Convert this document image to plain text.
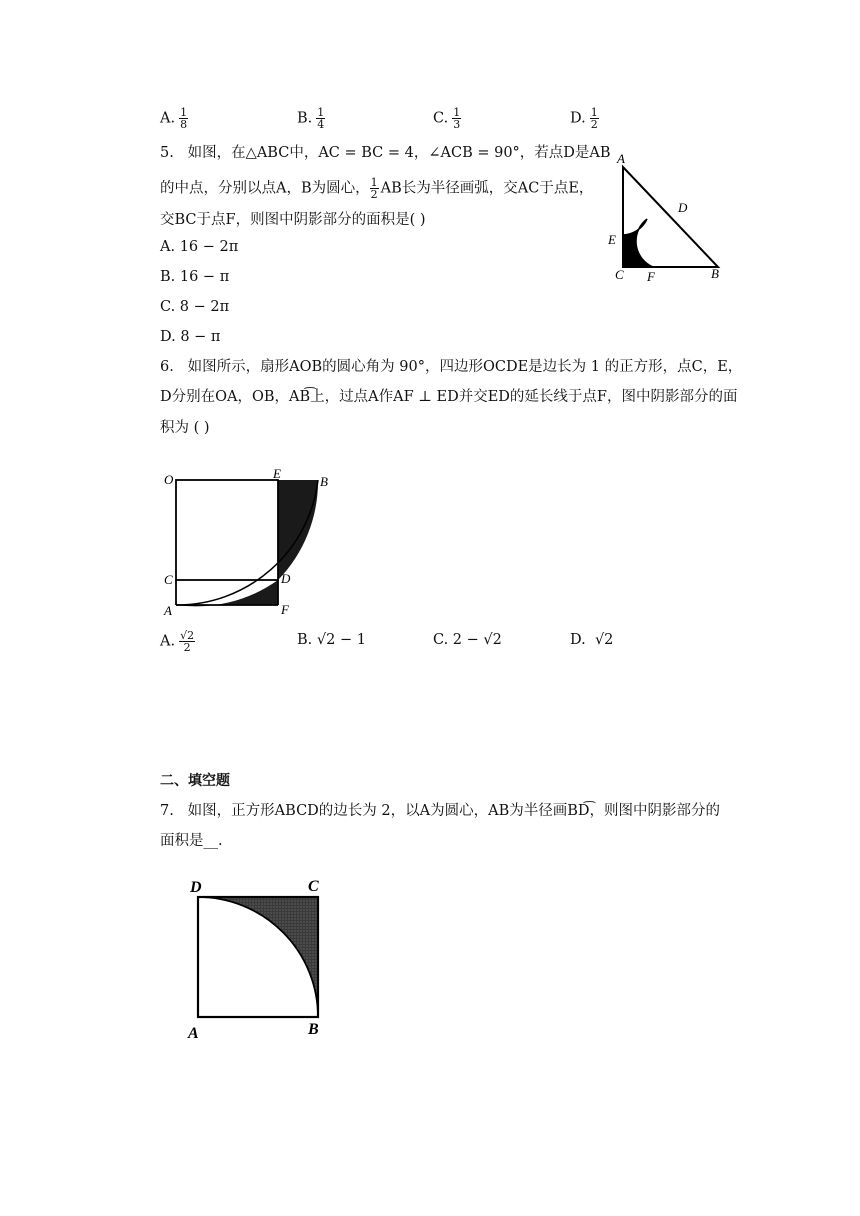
A. $\frac{1}{8}$	B. $\frac{1}{4}$	C. $\frac{1}{3}$	D. $\frac{1}{2}$
5. 如图，在△ABC中，AC = BC = 4，∠ACB = 90°，若点D是AB
的中点，分别以点A，B为圆心， $\frac{1}{2}$ AB长为半径画弧，交AC于点E，
交BC于点F，则图中阴影部分的面积是( )
A. 16 − 2π
B. 16 − π
C. 8 − 2π
D. 8 − π
A
D
E
C F	B
6. 如图所示，扇形AOB的圆心角为 90°，四边形OCDE是边长为 1 的正方形，点C，E，
D分别在OA，OB，AB͡上，过点A作AF ⊥ ED并交ED的延长线于点F，图中阴影部分的面
积为 ( )
O	E
B
C	D
A	F
A. $\frac{√2}{2}$	B. √2 − 1	C. 2 − √2	D. √2
二、填空题
7. 如图，正方形ABCD的边长为 2，以A为圆心，AB为半径画BD͡，则图中阴影部分的
面积是__.
D	C
A	B
